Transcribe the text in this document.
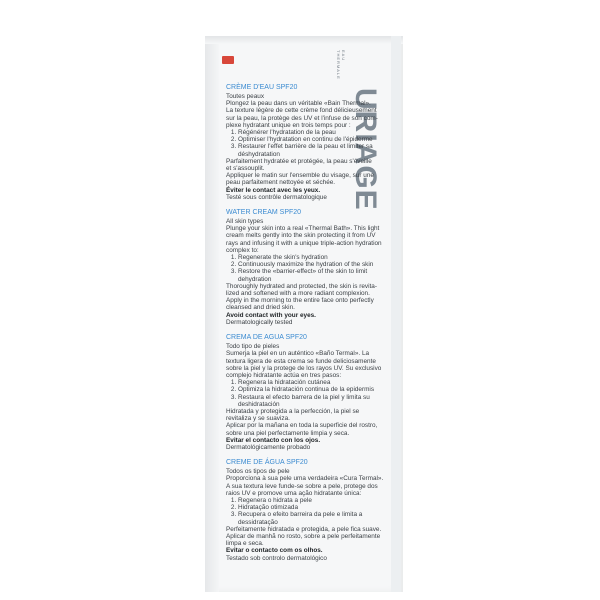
EAU THERMALE
CRÈME D'EAU SPF20
Toutes peaux
Plongez la peau dans un véritable «Bain Thermal».
La texture légère de cette crème fond délicieusement
sur la peau, la protège des UV et l'infuse de son com-
plexe hydratant unique en trois temps pour :
1. Régénérer l'hydratation de la peau
2. Optimiser l'hydratation en continu de l'épiderme
3. Restaurer l'effet barrière de la peau et limiter sa déshydratation
Parfaitement hydratée et protégée, la peau s'éveille
et s'assouplit.
Appliquer le matin sur l'ensemble du visage, sur une
peau parfaitement nettoyée et séchée.
Éviter le contact avec les yeux.
Testé sous contrôle dermatologique
WATER CREAM SPF20
All skin types
Plunge your skin into a real «Thermal Bath». This light
cream melts gently into the skin protecting it from UV
rays and infusing it with a unique triple-action hydration
complex to:
1. Regenerate the skin's hydration
2. Continuously maximize the hydration of the skin
3. Restore the «barrier-effect» of the skin to limit dehydration
Thoroughly hydrated and protected, the skin is revita-
lized and softened with a more radiant complexion.
Apply in the morning to the entire face onto perfectly
cleansed and dried skin.
Avoid contact with your eyes.
Dermatologically tested
CREMA DE AGUA SPF20
Todo tipo de pieles
Sumerja la piel en un auténtico «Baño Termal». La
textura ligera de esta crema se funde deliciosamente
sobre la piel y la protege de los rayos UV. Su exclusivo
complejo hidratante actúa en tres pasos:
1. Regenera la hidratación cutánea
2. Optimiza la hidratación continua de la epidermis
3. Restaura el efecto barrera de la piel y limita su deshidratación
Hidratada y protegida a la perfección, la piel se
revitaliza y se suaviza.
Aplicar por la mañana en toda la superficie del rostro,
sobre una piel perfectamente limpia y seca.
Evitar el contacto con los ojos.
Dermatológicamente probado
CREME DE ÁGUA SPF20
Todos os tipos de pele
Proporciona à sua pele uma verdadeira «Cura Termal».
A sua textura leve funde-se sobre a pele, protege dos
raios UV e promove uma ação hidratante única:
1. Regenera o hidrata a pele
2. Hidratação otimizada
3. Recupera o efeito barreira da pele e limita a dessidratação
Perfeitamente hidratada e protegida, a pele fica suave.
Aplicar de manhã no rosto, sobre a pele perfeitamente
limpa e seca.
Evitar o contacto com os olhos.
Testado sob controlo dermatológico
